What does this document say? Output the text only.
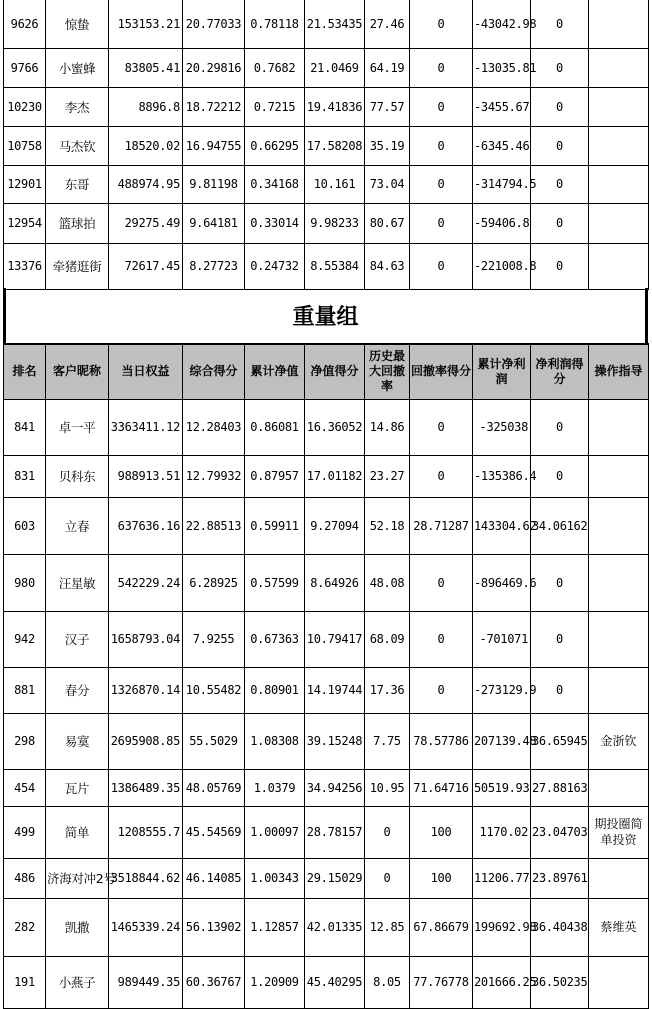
9626	惊蛰	153153.21	20.77033	0.78118	21.53435	27.46	0	-43042.98	0	
9766	小蜜蜂	83805.41	20.29816	0.7682	21.0469	64.19	0	-13035.81	0	
10230	李杰	8896.8	18.72212	0.7215	19.41836	77.57	0	-3455.67	0	
10758	马杰钦	18520.02	16.94755	0.66295	17.58208	35.19	0	-6345.46	0	
12901	东哥	488974.95	9.81198	0.34168	10.161	73.04	0	-314794.5	0	
12954	篮球拍	29275.49	9.64181	0.33014	9.98233	80.67	0	-59406.8	0	
13376	牵猪逛街	72617.45	8.27723	0.24732	8.55384	84.63	0	-221008.8	0	
重量组
排名	客户昵称	当日权益	综合得分	累计净值	净值得分	历史最大回撤率	回撤率得分	累计净利润	净利润得分	操作指导
841	卓一平	3363411.12	12.28403	0.86081	16.36052	14.86	0	-325038	0	
831	贝科东	988913.51	12.79932	0.87957	17.01182	23.27	0	-135386.4	0	
603	立春	637636.16	22.88513	0.59911	9.27094	52.18	28.71287	143304.62	34.06162	
980	汪星敏	542229.24	6.28925	0.57599	8.64926	48.08	0	-896469.6	0	
942	汉子	1658793.04	7.9255	0.67363	10.79417	68.09	0	-701071	0	
881	春分	1326870.14	10.55482	0.80901	14.19744	17.36	0	-273129.9	0	
298	易寞	2695908.85	55.5029	1.08308	39.15248	7.75	78.57786	207139.48	36.65945	金浙钦
454	瓦片	1386489.35	48.05769	1.0379	34.94256	10.95	71.64716	50519.93	27.88163	
499	简单	1208555.7	45.54569	1.00097	28.78157	0	100	1170.02	23.04703	期投圈简单投资
486	济海对冲2号	3518844.62	46.14085	1.00343	29.15029	0	100	11206.77	23.89761	
282	凯撒	1465339.24	56.13902	1.12857	42.01335	12.85	67.86679	199692.98	36.40438	蔡维英
191	小燕子	989449.35	60.36767	1.20909	45.40295	8.05	77.76778	201666.25	36.50235	
